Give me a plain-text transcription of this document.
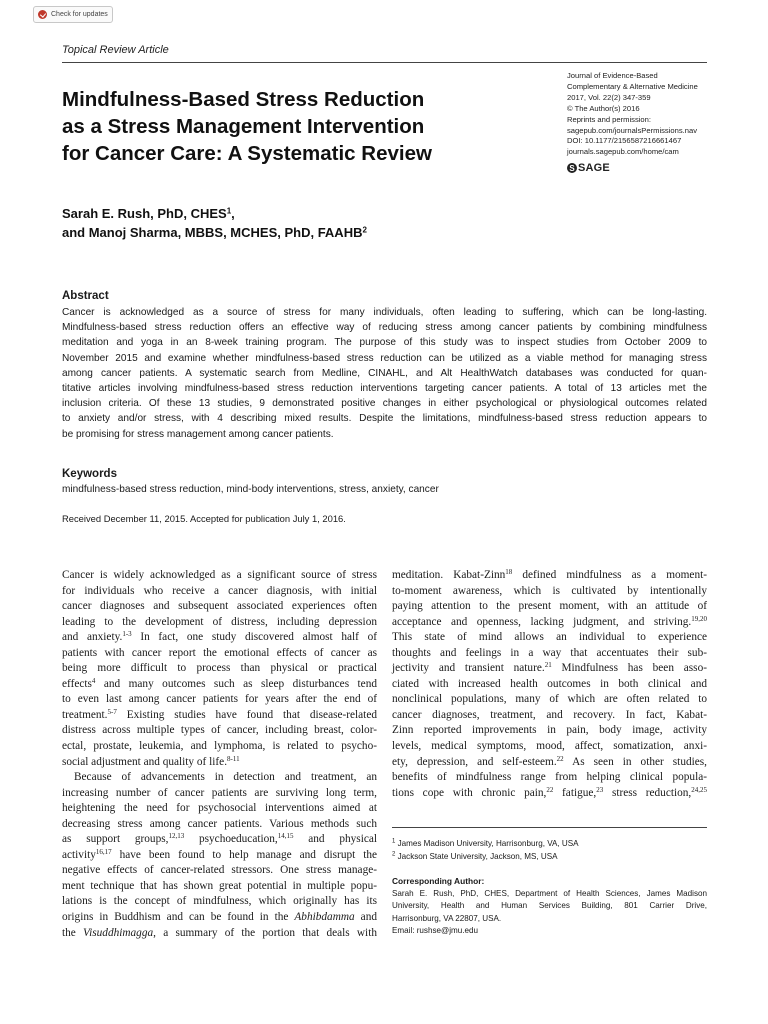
Check for updates
Topical Review Article
Mindfulness-Based Stress Reduction
as a Stress Management Intervention
for Cancer Care: A Systematic Review
Journal of Evidence-Based
Complementary & Alternative Medicine
2017, Vol. 22(2) 347-359
© The Author(s) 2016
Reprints and permission:
sagepub.com/journalsPermissions.nav
DOI: 10.1177/2156587216661467
journals.sagepub.com/home/cam
S SAGE
Sarah E. Rush, PhD, CHES$^1$,
and Manoj Sharma, MBBS, MCHES, PhD, FAAHB$^2$
Abstract
Cancer is acknowledged as a source of stress for many individuals, often leading to suffering, which can be long-lasting.
Mindfulness-based stress reduction offers an effective way of reducing stress among cancer patients by combining mindfulness
meditation and yoga in an 8-week training program. The purpose of this study was to inspect studies from October 2009 to
November 2015 and examine whether mindfulness-based stress reduction can be utilized as a viable method for managing stress
among cancer patients. A systematic search from Medline, CINAHL, and Alt HealthWatch databases was conducted for quan-
titative articles involving mindfulness-based stress reduction interventions targeting cancer patients. A total of 13 articles met the
inclusion criteria. Of these 13 studies, 9 demonstrated positive changes in either psychological or physiological outcomes related
to anxiety and/or stress, with 4 describing mixed results. Despite the limitations, mindfulness-based stress reduction appears to
be promising for stress management among cancer patients.
Keywords
mindfulness-based stress reduction, mind-body interventions, stress, anxiety, cancer
Received December 11, 2015. Accepted for publication July 1, 2016.
Cancer is widely acknowledged as a significant source of stress
for individuals who receive a cancer diagnosis, with initial
cancer diagnoses and subsequent associated experiences often
leading to the development of distress, including depression
and anxiety.$^{1-3}$ In fact, one study discovered almost half of
patients with cancer report the emotional effects of cancer as
being more difficult to process than physical or practical
effects$^4$ and many outcomes such as sleep disturbances tend
to even last among cancer patients for years after the end of
treatment.$^{5-7}$ Existing studies have found that disease-related
distress across multiple types of cancer, including breast, color-
ectal, prostate, leukemia, and lymphoma, is related to psycho-
social adjustment and quality of life.$^{8-11}$
Because of advancements in detection and treatment, an
increasing number of cancer patients are surviving long term,
heightening the need for psychosocial interventions aimed at
decreasing stress among cancer patients. Various methods such
as support groups,$^{12,13}$ psychoeducation,$^{14,15}$ and physical
activity$^{16,17}$ have been found to help manage and disrupt the
negative effects of cancer-related stressors. One stress manage-
ment technique that has shown great potential in multiple popu-
lations is the concept of mindfulness, which originally has its
origins in Buddhism and can be found in the Abhibdamma and
the Visuddhimagga, a summary of the portion that deals with
meditation. Kabat-Zinn$^{18}$ defined mindfulness as a moment-
to-moment awareness, which is cultivated by intentionally
paying attention to the present moment, with an attitude of
acceptance and openness, lacking judgment, and striving.$^{19,20}$
This state of mind allows an individual to experience
thoughts and feelings in a way that accentuates their sub-
jectivity and transient nature.$^{21}$ Mindfulness has been asso-
ciated with increased health outcomes in both clinical and
nonclinical populations, many of which are often related to
cancer diagnoses, treatment, and recovery. In fact, Kabat-
Zinn reported improvements in pain, body image, activity
levels, medical symptoms, mood, affect, somatization, anxi-
ety, depression, and self-esteem.$^{22}$ As seen in other studies,
benefits of mindfulness range from helping clinical popula-
tions cope with chronic pain,$^{22}$ fatigue,$^{23}$ stress reduction,$^{24,25}$
$^1$ James Madison University, Harrisonburg, VA, USA
$^2$ Jackson State University, Jackson, MS, USA
Corresponding Author:
Sarah E. Rush, PhD, CHES, Department of Health Sciences, James Madison
University, Health and Human Services Building, 801 Carrier Drive,
Harrisonburg, VA 22807, USA.
Email: rushse@jmu.edu
